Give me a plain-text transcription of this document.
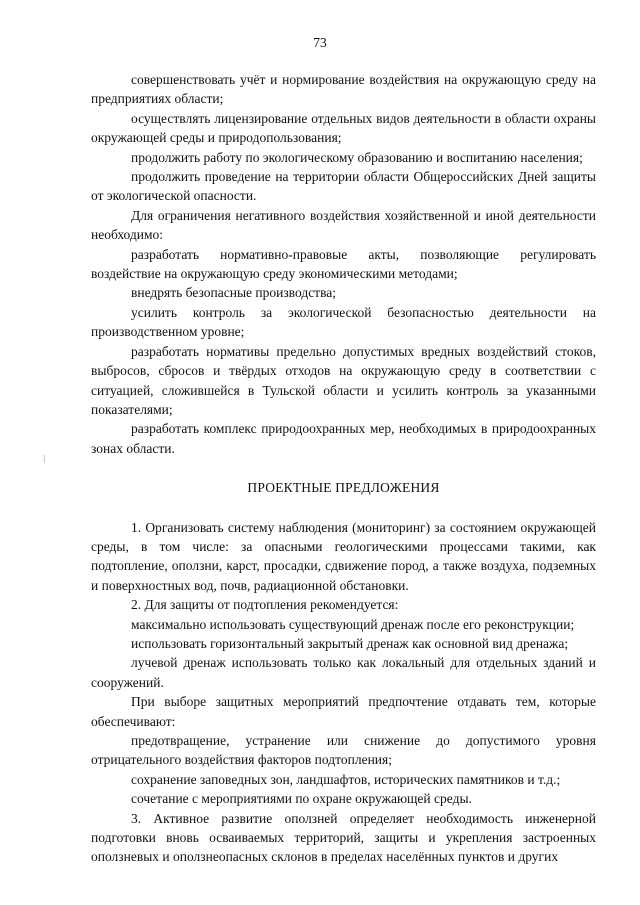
73

совершенствовать учёт и нормирование воздействия на окружающую среду на предприятиях области;

осуществлять лицензирование отдельных видов деятельности в области охраны окружающей среды и природопользования;

продолжить работу по экологическому образованию и воспитанию населения;

продолжить проведение на территории области Общероссийских Дней защиты от экологической опасности.

Для ограничения негативного воздействия хозяйственной и иной деятельности необходимо:

разработать нормативно-правовые акты, позволяющие регулировать воздействие на окружающую среду экономическими методами;

внедрять безопасные производства;

усилить контроль за экологической безопасностью деятельности на производственном уровне;

разработать нормативы предельно допустимых вредных воздействий стоков, выбросов, сбросов и твёрдых отходов на окружающую среду в соответствии с ситуацией, сложившейся в Тульской области и усилить контроль за указанными показателями;

разработать комплекс природоохранных мер, необходимых в природоохранных зонах области.

ПРОЕКТНЫЕ ПРЕДЛОЖЕНИЯ

1. Организовать систему наблюдения (мониторинг) за состоянием окружающей среды, в том числе: за опасными геологическими процессами такими, как подтопление, оползни, карст, просадки, сдвижение пород, а также воздуха, подземных и поверхностных вод, почв, радиационной обстановки.

2. Для защиты от подтопления рекомендуется:

максимально использовать существующий дренаж после его реконструкции;

использовать горизонтальный закрытый дренаж как основной вид дренажа;

лучевой дренаж использовать только как локальный для отдельных зданий и сооружений.

При выборе защитных мероприятий предпочтение отдавать тем, которые обеспечивают:

предотвращение, устранение или снижение до допустимого уровня отрицательного воздействия факторов подтопления;

сохранение заповедных зон, ландшафтов, исторических памятников и т.д.;

сочетание с мероприятиями по охране окружающей среды.

3. Активное развитие оползней определяет необходимость инженерной подготовки вновь осваиваемых территорий, защиты и укрепления застроенных оползневых и оползнеопасных склонов в пределах населённых пунктов и других
